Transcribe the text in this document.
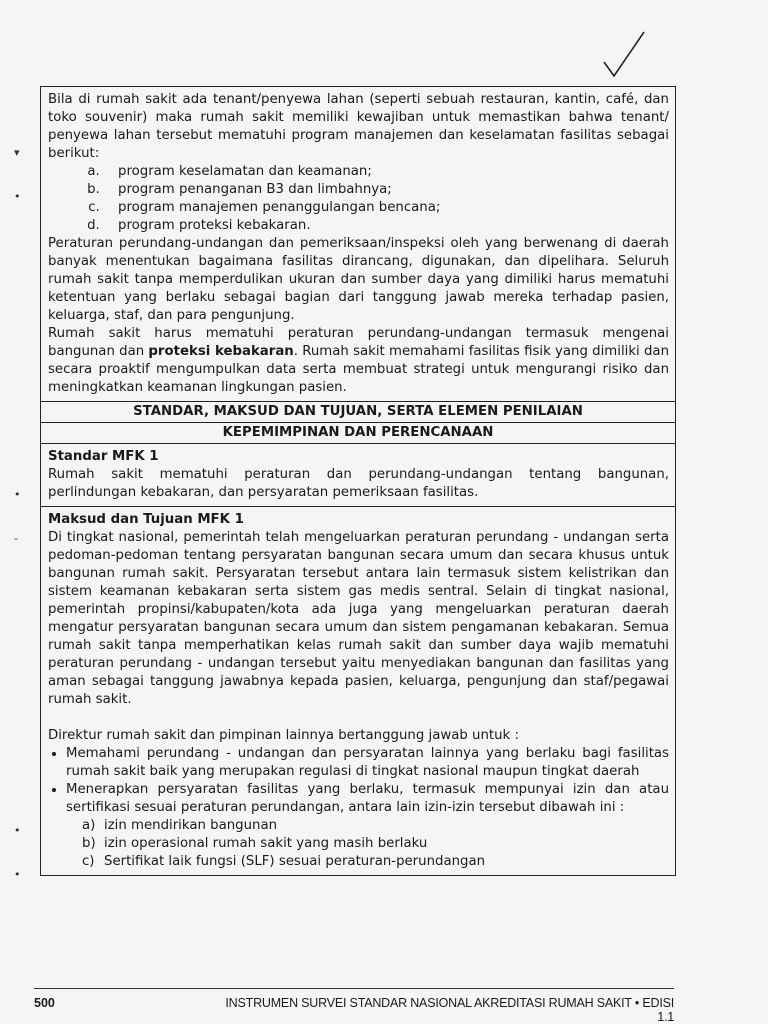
▾
•
•
-
•
•

Bila di rumah sakit ada tenant/penyewa lahan (seperti sebuah restauran, kantin, café, dan toko souvenir) maka rumah sakit memiliki kewajiban untuk memastikan bahwa tenant/ penyewa lahan tersebut mematuhi program manajemen dan keselamatan fasilitas sebagai berikut:

a. program keselamatan dan keamanan;
b. program penanganan B3 dan limbahnya;
c. program manajemen penanggulangan bencana;
d. program proteksi kebakaran.

Peraturan perundang-undangan dan pemeriksaan/inspeksi oleh yang berwenang di daerah banyak menentukan bagaimana fasilitas dirancang, digunakan, dan dipelihara. Seluruh rumah sakit tanpa memperdulikan ukuran dan sumber daya yang dimiliki harus mematuhi ketentuan yang berlaku sebagai bagian dari tanggung jawab mereka terhadap pasien, keluarga, staf, dan para pengunjung.

Rumah sakit harus mematuhi peraturan perundang-undangan termasuk mengenai bangunan dan proteksi kebakaran. Rumah sakit memahami fasilitas fisik yang dimiliki dan secara proaktif mengumpulkan data serta membuat strategi untuk mengurangi risiko dan meningkatkan keamanan lingkungan pasien.

STANDAR, MAKSUD DAN TUJUAN, SERTA ELEMEN PENILAIAN
KEPEMIMPINAN DAN PERENCANAAN
Standar MFK 1

Rumah sakit mematuhi peraturan dan perundang-undangan tentang bangunan, perlindungan kebakaran, dan persyaratan pemeriksaan fasilitas.

Maksud dan Tujuan MFK 1

Di tingkat nasional, pemerintah telah mengeluarkan peraturan perundang - undangan serta pedoman-pedoman tentang persyaratan bangunan secara umum dan secara khusus untuk bangunan rumah sakit. Persyaratan tersebut antara lain termasuk sistem kelistrikan dan sistem keamanan kebakaran serta sistem gas medis sentral. Selain di tingkat nasional, pemerintah propinsi/kabupaten/kota ada juga yang mengeluarkan peraturan daerah mengatur persyaratan bangunan secara umum dan sistem pengamanan kebakaran. Semua rumah sakit tanpa memperhatikan kelas rumah sakit dan sumber daya wajib mematuhi peraturan perundang - undangan tersebut yaitu menyediakan bangunan dan fasilitas yang aman sebagai tanggung jawabnya kepada pasien, keluarga, pengunjung dan staf/pegawai rumah sakit.

Direktur rumah sakit dan pimpinan lainnya bertanggung jawab untuk :

• Memahami perundang - undangan dan persyaratan lainnya yang berlaku bagi fasilitas rumah sakit baik yang merupakan regulasi di tingkat nasional maupun tingkat daerah
• Menerapkan persyaratan fasilitas yang berlaku, termasuk mempunyai izin dan atau sertifikasi sesuai peraturan perundangan, antara lain izin-izin tersebut dibawah ini :
a) izin mendirikan bangunan
b) izin operasional rumah sakit yang masih berlaku
c) Sertifikat laik fungsi (SLF) sesuai peraturan-perundangan
500	INSTRUMEN SURVEI STANDAR NASIONAL AKREDITASI RUMAH SAKIT • EDISI 1.1
